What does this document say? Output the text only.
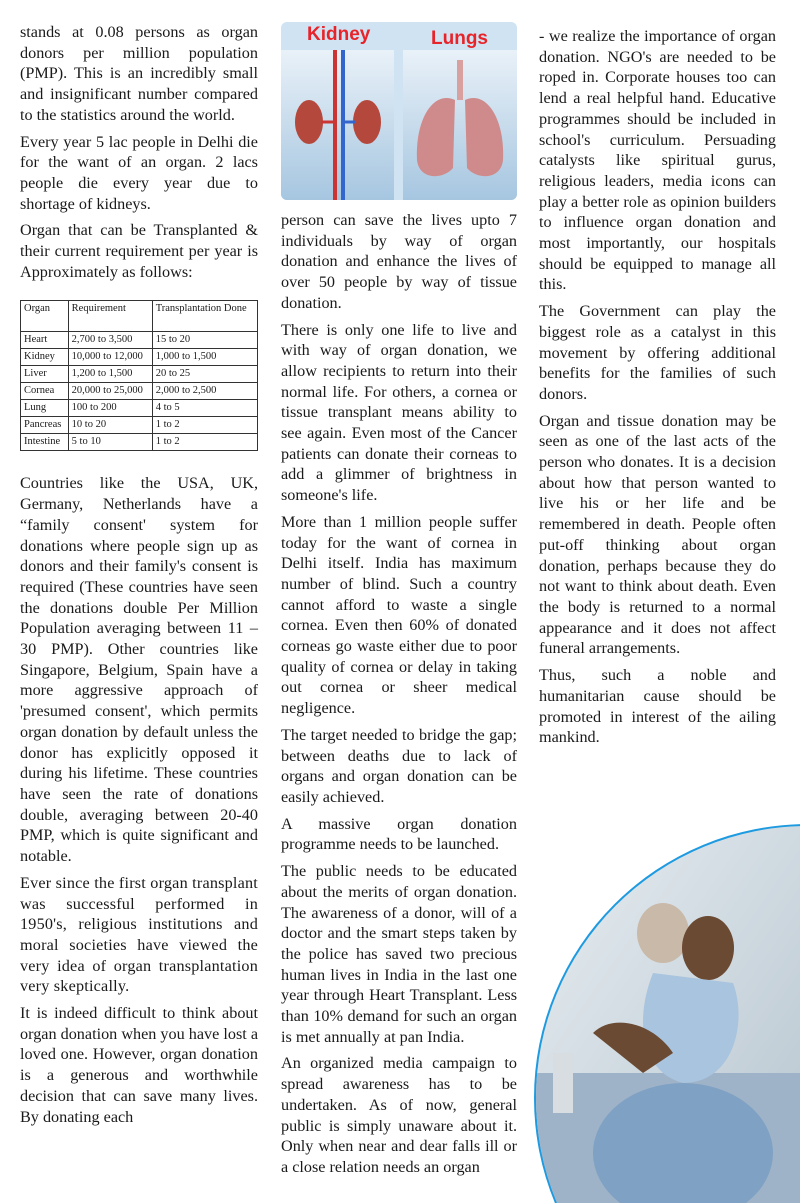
stands at 0.08 persons as organ donors per million population (PMP). This is an incredibly small and insignificant number compared to the statistics around the world.

Every year 5 lac people in Delhi die for the want of an organ. 2 lacs people die every year due to shortage of kidneys.

Organ that can be Transplanted & their current requirement per year is Approximately as follows:

Organ	Requirement	Transplantation Done
Heart	2,700 to 3,500	15 to 20
Kidney	10,000 to 12,000	1,000 to 1,500
Liver	1,200 to 1,500	20 to 25
Cornea	20,000 to 25,000	2,000 to 2,500
Lung	100 to 200	4 to 5
Pancreas	10 to 20	1 to 2
Intestine	5 to 10	1 to 2

Countries like the USA, UK, Germany, Netherlands have a “family consent' system for donations where people sign up as donors and their family's consent is required (These countries have seen the donations double Per Million Population averaging between 11 – 30 PMP). Other countries like Singapore, Belgium, Spain have a more aggressive approach of 'presumed consent', which permits organ donation by default unless the donor has explicitly opposed it during his lifetime. These countries have seen the rate of donations double, averaging between 20-40 PMP, which is quite significant and notable.

Ever since the first organ transplant was successful performed in 1950's, religious institutions and moral societies have viewed the very idea of organ transplantation very skeptically.

It is indeed difficult to think about organ donation when you have lost a loved one. However, organ donation is a generous and worthwhile decision that can save many lives. By donating each

Kidney	Lungs

person can save the lives upto 7 individuals by way of organ donation and enhance the lives of over 50 people by way of tissue donation.

There is only one life to live and with way of organ donation, we allow recipients to return into their normal life. For others, a cornea or tissue transplant means ability to see again. Even most of the Cancer patients can donate their corneas to add a glimmer of brightness in someone's life.

More than 1 million people suffer today for the want of cornea in Delhi itself. India has maximum number of blind. Such a country cannot afford to waste a single cornea. Even then 60% of donated corneas go waste either due to poor quality of cornea or delay in taking out cornea or sheer medical negligence.

The target needed to bridge the gap; between deaths due to lack of organs and organ donation can be easily achieved.

A massive organ donation programme needs to be launched.

The public needs to be educated about the merits of organ donation. The awareness of a donor, will of a doctor and the smart steps taken by the police has saved two precious human lives in India in the last one year through Heart Transplant. Less than 10% demand for such an organ is met annually at pan India.

An organized media campaign to spread awareness has to be undertaken. As of now, general public is simply unaware about it. Only when near and dear falls ill or a close relation needs an organ

- we realize the importance of organ donation. NGO's are needed to be roped in. Corporate houses too can lend a real helpful hand. Educative programmes should be included in school's curriculum. Persuading catalysts like spiritual gurus, religious leaders, media icons can play a better role as opinion builders to influence organ donation and most importantly, our hospitals should be equipped to manage all this.

The Government can play the biggest role as a catalyst in this movement by offering additional benefits for the families of such donors.

Organ and tissue donation may be seen as one of the last acts of the person who donates. It is a decision about how that person wanted to live his or her life and be remembered in death. People often put-off thinking about organ donation, perhaps because they do not want to think about death. Even the body is returned to a normal appearance and it does not affect funeral arrangements.

Thus, such a noble and humanitarian cause should be promoted in interest of the ailing mankind.
